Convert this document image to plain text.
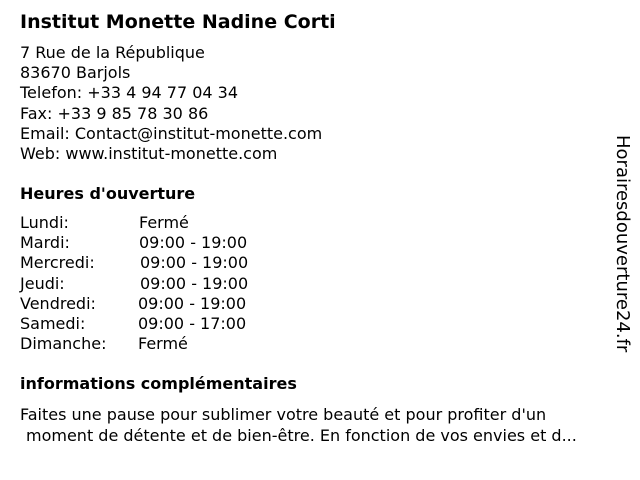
Institut Monette Nadine Corti
7 Rue de la République
83670 Barjols
Telefon: +33 4 94 77 04 34
Fax: +33 9 85 78 30 86
Email: Contact@institut-monette.com
Web: www.institut-monette.com
Heures d'ouverture
Lundi:	Fermé
Mardi:	09:00 - 19:00
Mercredi:	09:00 - 19:00
Jeudi:	09:00 - 19:00
Vendredi:	09:00 - 19:00
Samedi:	09:00 - 17:00
Dimanche: Fermé
informations complémentaires
Faites une pause pour sublimer votre beauté et pour profiter d'un
moment de détente et de bien-être. En fonction de vos envies et d...
Horairesdouverture24.fr
